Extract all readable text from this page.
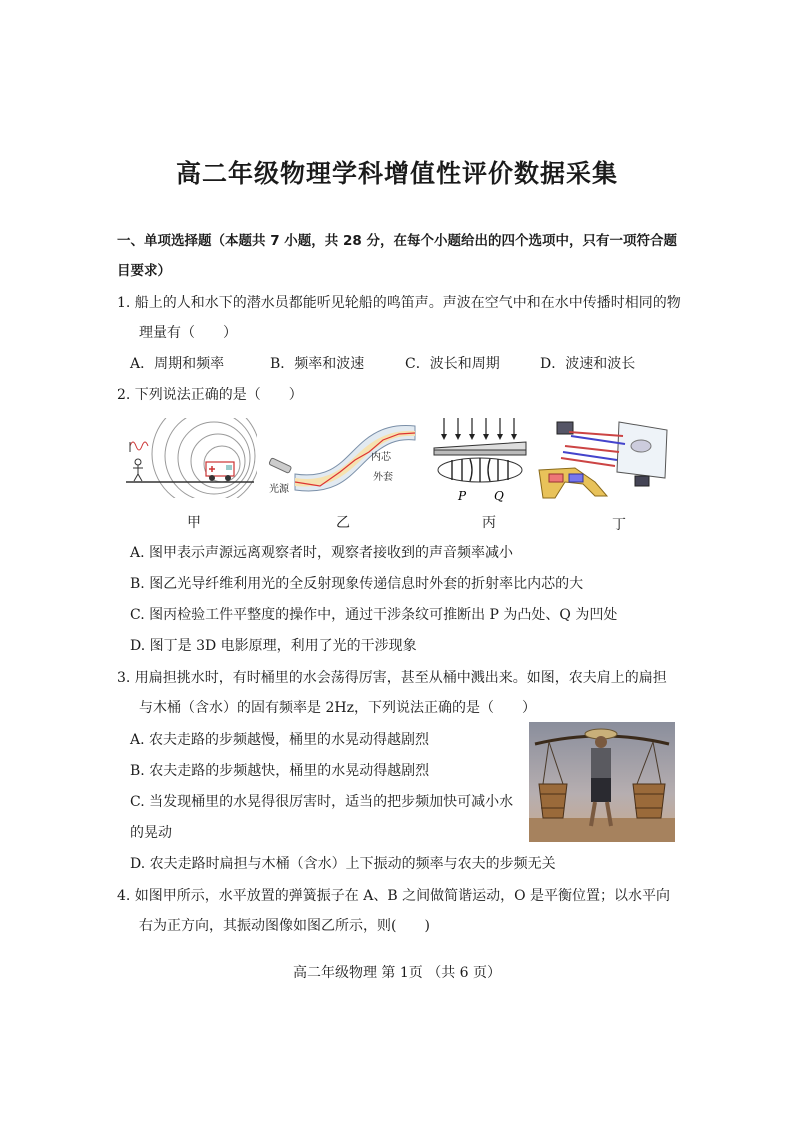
高二年级物理学科增值性评价数据采集
一、单项选择题（本题共 7 小题，共 28 分，在每个小题给出的四个选项中，只有一项符合题
目要求）
1. 船上的人和水下的潜水员都能听见轮船的鸣笛声。声波在空气中和在水中传播时相同的物
理量有（　　）
A．周期和频率	B．频率和波速	C．波长和周期	D．波速和波长
2. 下列说法正确的是（　　）
甲
光源
内芯
外套
乙
P Q
丙	丁
A. 图甲表示声源远离观察者时，观察者接收到的声音频率减小
B. 图乙光导纤维利用光的全反射现象传递信息时外套的折射率比内芯的大
C. 图丙检验工件平整度的操作中，通过干涉条纹可推断出 P 为凸处、Q 为凹处
D. 图丁是 3D 电影原理，利用了光的干涉现象
3. 用扁担挑水时，有时桶里的水会荡得厉害，甚至从桶中溅出来。如图，农夫肩上的扁担
与木桶（含水）的固有频率是 2Hz，下列说法正确的是（　　）
A. 农夫走路的步频越慢，桶里的水晃动得越剧烈
B. 农夫走路的步频越快，桶里的水晃动得越剧烈
C. 当发现桶里的水晃得很厉害时，适当的把步频加快可减小水
的晃动
D. 农夫走路时扁担与木桶（含水）上下振动的频率与农夫的步频无关
4. 如图甲所示，水平放置的弹簧振子在 A、B 之间做简谐运动，O 是平衡位置；以水平向
右为正方向，其振动图像如图乙所示，则(　　)
高二年级物理 第 1页 （共 6 页）
